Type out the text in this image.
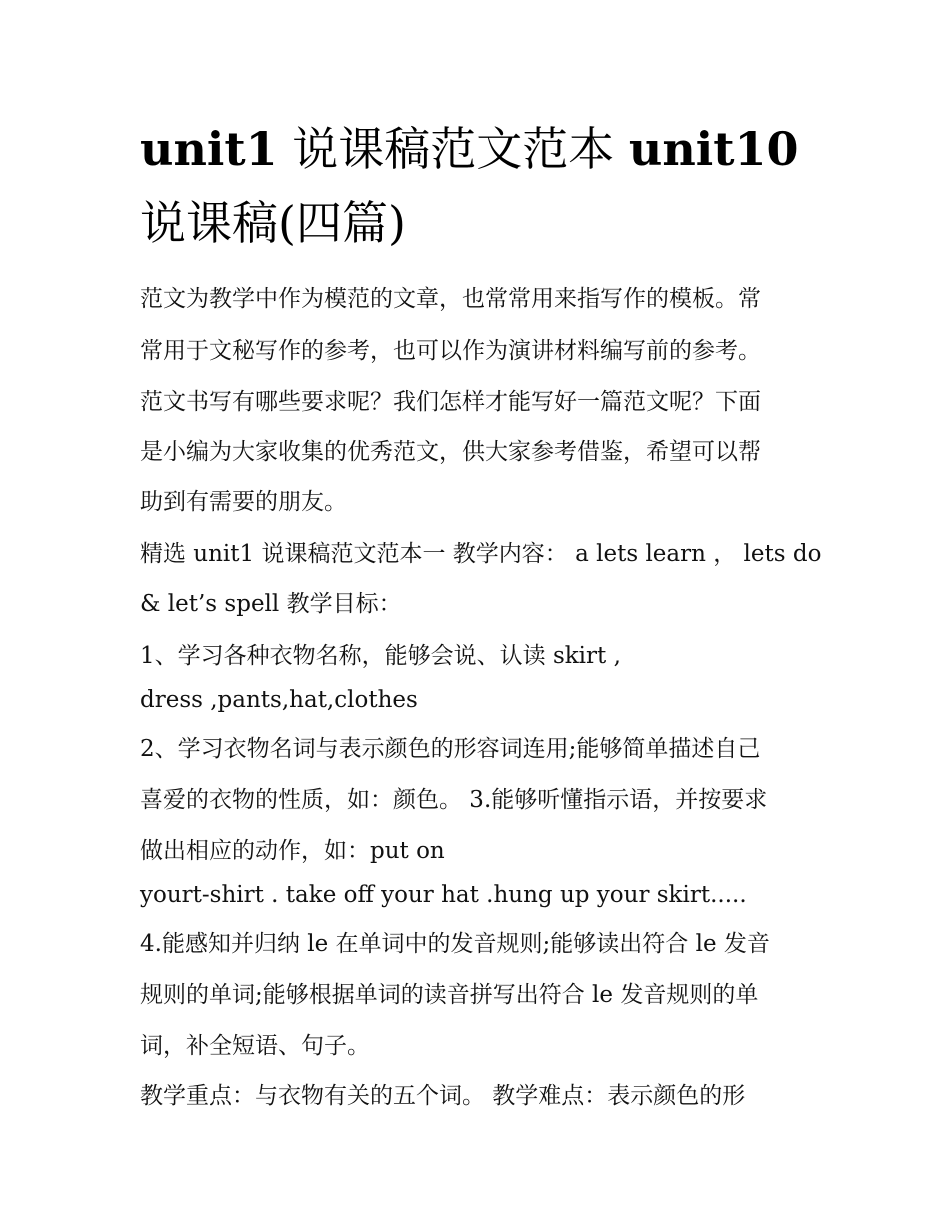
unit1 说课稿范文范本 unit10
说课稿(四篇)

范文为教学中作为模范的文章，也常常用来指写作的模板。常

常用于文秘写作的参考，也可以作为演讲材料编写前的参考。

范文书写有哪些要求呢？我们怎样才能写好一篇范文呢？下面

是小编为大家收集的优秀范文，供大家参考借鉴，希望可以帮

助到有需要的朋友。

精选 unit1 说课稿范文范本一 教学内容： a lets learn ， lets do

& let’s spell 教学目标：

1、学习各种衣物名称，能够会说、认读 skirt ,

dress ,pants,hat,clothes

2、学习衣物名词与表示颜色的形容词连用;能够简单描述自己

喜爱的衣物的性质，如：颜色。 3.能够听懂指示语，并按要求

做出相应的动作，如：put on

yourt-shirt . take off your hat .hung up your skirt.....

4.能感知并归纳 le 在单词中的发音规则;能够读出符合 le 发音

规则的单词;能够根据单词的读音拼写出符合 le 发音规则的单

词，补全短语、句子。

教学重点：与衣物有关的五个词。 教学难点：表示颜色的形
